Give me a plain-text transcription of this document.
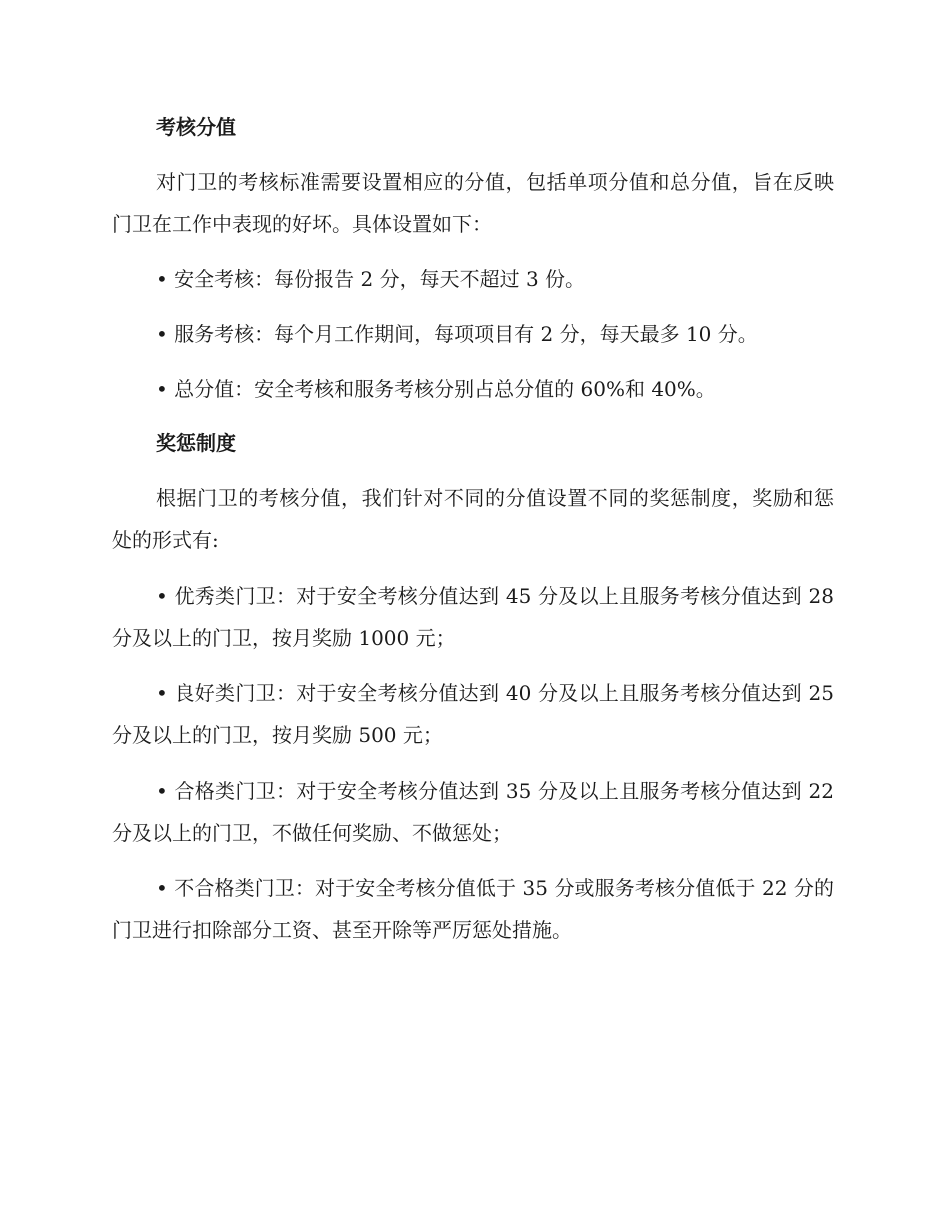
考核分值

对门卫的考核标准需要设置相应的分值，包括单项分值和总分值，旨在反映门卫在工作中表现的好坏。具体设置如下：

• 安全考核：每份报告 2 分，每天不超过 3 份。

• 服务考核：每个月工作期间，每项项目有 2 分，每天最多 10 分。

• 总分值：安全考核和服务考核分别占总分值的 60%和 40%。

奖惩制度

根据门卫的考核分值，我们针对不同的分值设置不同的奖惩制度，奖励和惩处的形式有:

• 优秀类门卫：对于安全考核分值达到 45 分及以上且服务考核分值达到 28 分及以上的门卫，按月奖励 1000 元；

• 良好类门卫：对于安全考核分值达到 40 分及以上且服务考核分值达到 25 分及以上的门卫，按月奖励 500 元；

• 合格类门卫：对于安全考核分值达到 35 分及以上且服务考核分值达到 22 分及以上的门卫，不做任何奖励、不做惩处；

• 不合格类门卫：对于安全考核分值低于 35 分或服务考核分值低于 22 分的门卫进行扣除部分工资、甚至开除等严厉惩处措施。
